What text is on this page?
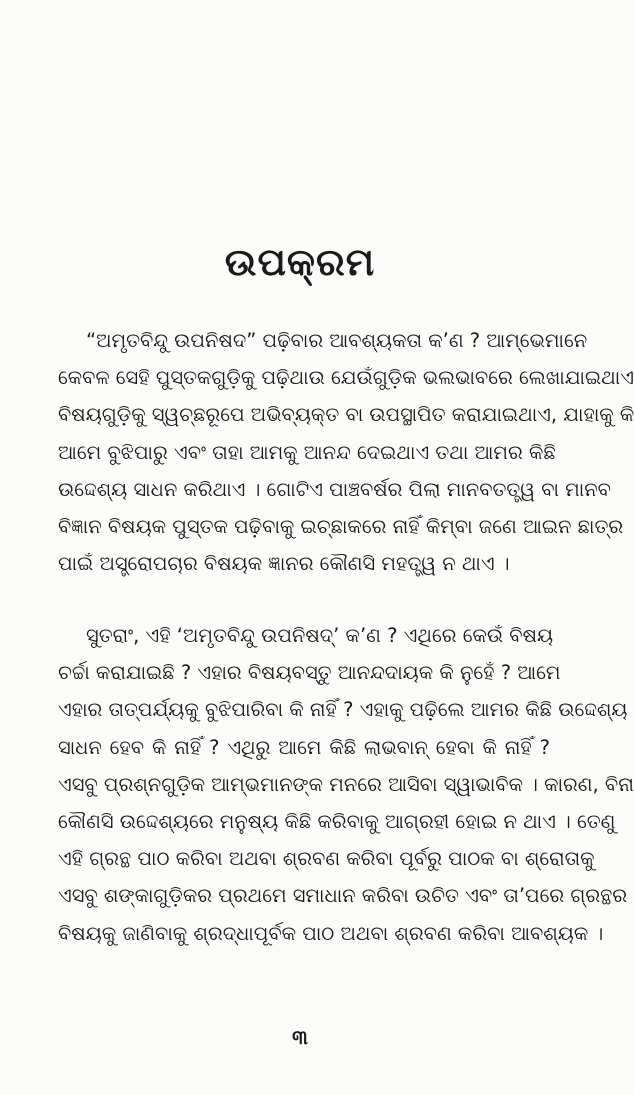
ଉପକ୍ରମ
“ଅମୃତବିନ୍ଦୁ ଉପନିଷଦ” ପଢ଼ିବାର ଆବଶ୍ୟକତା କ’ଣ ? ଆମ୍ଭେମାନେ
କେବଳ ସେହି ପୁସ୍ତକଗୁଡ଼ିକୁ ପଢ଼ିଥାଉ ଯେଉଁଗୁଡ଼ିକ ଭଲଭାବରେ ଲେଖାଯାଇଥାଏ
ବିଷୟଗୁଡ଼ିକୁ ସ୍ୱଚ୍ଛରୂପେ ଅଭିବ୍ୟକ୍ତ ବା ଉପସ୍ଥାପିତ କରାଯାଇଥାଏ, ଯାହାକୁ କି
ଆମେ ବୁଝିପାରୁ ଏବଂ ତାହା ଆମକୁ ଆନନ୍ଦ ଦେଇଥାଏ ତଥା ଆମର କିଛି
ଉଦ୍ଦେଶ୍ୟ ସାଧନ କରିଥାଏ । ଗୋଟିଏ ପାଞ୍ଚବର୍ଷର ପିଲା ମାନବତତ୍ତ୍ୱ ବା ମାନବ
ବିଜ୍ଞାନ ବିଷୟକ ପୁସ୍ତକ ପଢ଼ିବାକୁ ଇଚ୍ଛାକରେ ନାହିଁ କିମ୍ବା ଜଣେ ଆଇନ ଛାତ୍ର
ପାଇଁ ଅସ୍ତ୍ରୋପଚାର ବିଷୟକ ଜ୍ଞାନର କୌଣସି ମହତ୍ତ୍ୱ ନ ଥାଏ ।
ସୁତରାଂ, ଏହି ‘ଅମୃତବିନ୍ଦୁ ଉପନିଷଦ୍’ କ’ଣ ? ଏଥିରେ କେଉଁ ବିଷୟ
ଚର୍ଚ୍ଚା କରାଯାଇଛି ? ଏହାର ବିଷୟବସ୍ତୁ ଆନନ୍ଦଦାୟକ କି ନୁହେଁ ? ଆମେ
ଏହାର ତାତ୍ପର୍ଯ୍ୟକୁ ବୁଝିପାରିବା କି ନାହିଁ ? ଏହାକୁ ପଢ଼ିଲେ ଆମର କିଛି ଉଦ୍ଦେଶ୍ୟ
ସାଧନ ହେବ କି ନାହିଁ ? ଏଥିରୁ ଆମେ କିଛି ଲାଭବାନ୍ ହେବା କି ନାହିଁ ?
ଏସବୁ ପ୍ରଶ୍ନଗୁଡ଼ିକ ଆମ୍ଭମାନଙ୍କ ମନରେ ଆସିବା ସ୍ୱାଭାବିକ । କାରଣ, ବିନା
କୌଣସି ଉଦ୍ଦେଶ୍ୟରେ ମନୁଷ୍ୟ କିଛି କରିବାକୁ ଆଗ୍ରହୀ ହୋଇ ନ ଥାଏ । ତେଣୁ
ଏହି ଗ୍ରନ୍ଥ ପାଠ କରିବା ଅଥବା ଶ୍ରବଣ କରିବା ପୂର୍ବରୁ ପାଠକ ବା ଶ୍ରୋତାକୁ
ଏସବୁ ଶଙ୍କାଗୁଡ଼ିକର ପ୍ରଥମେ ସମାଧାନ କରିବା ଉଚିତ ଏବଂ ତା’ପରେ ଗ୍ରନ୍ଥର
ବିଷୟକୁ ଜାଣିବାକୁ ଶ୍ରଦ୍ଧାପୂର୍ବକ ପାଠ ଅଥବା ଶ୍ରବଣ କରିବା ଆବଶ୍ୟକ ।
୩
